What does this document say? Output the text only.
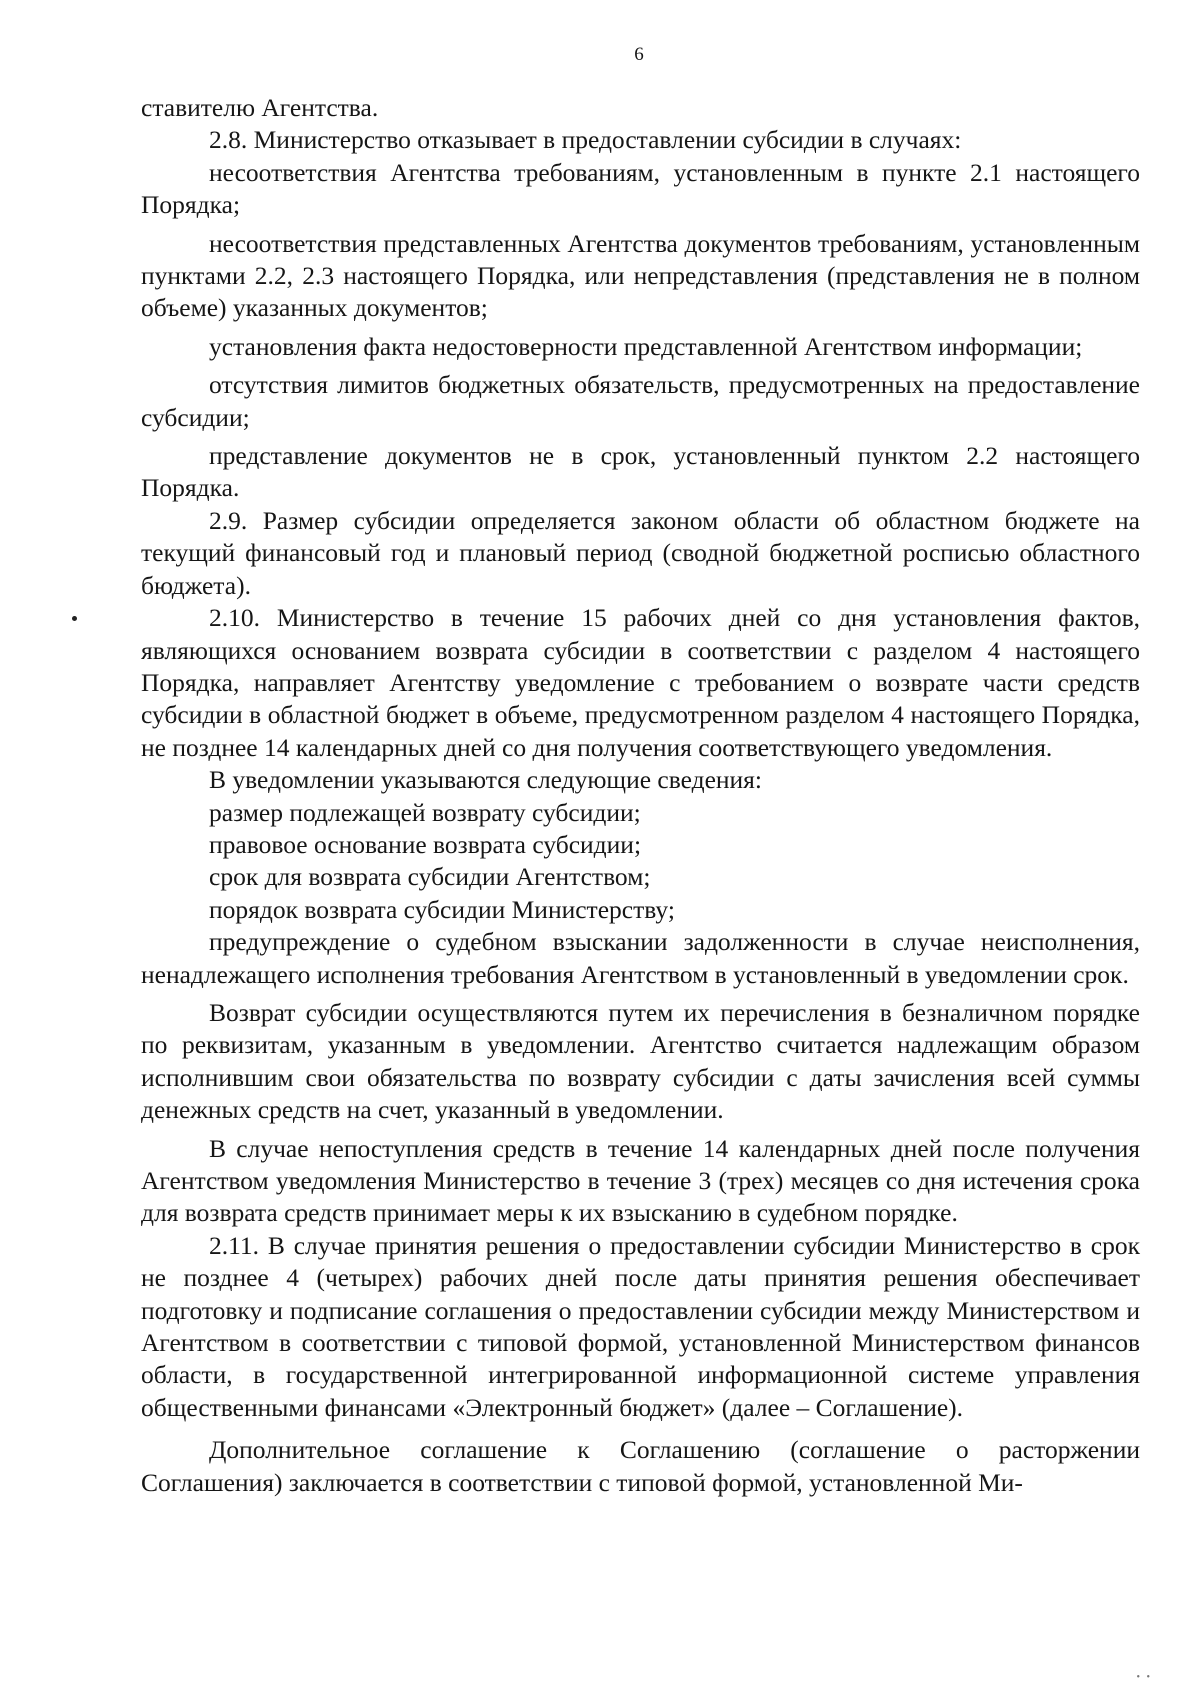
6

ставителю Агентства.

2.8. Министерство отказывает в предоставлении субсидии в случаях:

несоответствия Агентства требованиям, установленным в пункте 2.1 настоящего Порядка;

несоответствия представленных Агентства документов требованиям, установленным пунктами 2.2, 2.3 настоящего Порядка, или непредставления (представления не в полном объеме) указанных документов;

установления факта недостоверности представленной Агентством информации;

отсутствия лимитов бюджетных обязательств, предусмотренных на предоставление субсидии;

представление документов не в срок, установленный пунктом 2.2 настоящего Порядка.

2.9. Размер субсидии определяется законом области об областном бюджете на текущий финансовый год и плановый период (сводной бюджетной росписью областного бюджета).

2.10. Министерство в течение 15 рабочих дней со дня установления фактов, являющихся основанием возврата субсидии в соответствии с разделом 4 настоящего Порядка, направляет Агентству уведомление с требованием о возврате части средств субсидии в областной бюджет в объеме, предусмотренном разделом 4 настоящего Порядка, не позднее 14 календарных дней со дня получения соответствующего уведомления.

В уведомлении указываются следующие сведения:

размер подлежащей возврату субсидии;

правовое основание возврата субсидии;

срок для возврата субсидии Агентством;

порядок возврата субсидии Министерству;

предупреждение о судебном взыскании задолженности в случае неисполнения, ненадлежащего исполнения требования Агентством в установленный в уведомлении срок.

Возврат субсидии осуществляются путем их перечисления в безналичном порядке по реквизитам, указанным в уведомлении. Агентство считается надлежащим образом исполнившим свои обязательства по возврату субсидии с даты зачисления всей суммы денежных средств на счет, указанный в уведомлении.

В случае непоступления средств в течение 14 календарных дней после получения Агентством уведомления Министерство в течение 3 (трех) месяцев со дня истечения срока для возврата средств принимает меры к их взысканию в судебном порядке.

2.11. В случае принятия решения о предоставлении субсидии Министерство в срок не позднее 4 (четырех) рабочих дней после даты принятия решения обеспечивает подготовку и подписание соглашения о предоставлении субсидии между Министерством и Агентством в соответствии с типовой формой, установленной Министерством финансов области, в государственной интегрированной информационной системе управления общественными финансами «Электронный бюджет» (далее – Соглашение).

Дополнительное соглашение к Соглашению (соглашение о расторжении Соглашения) заключается в соответствии с типовой формой, установленной Ми-

• •
